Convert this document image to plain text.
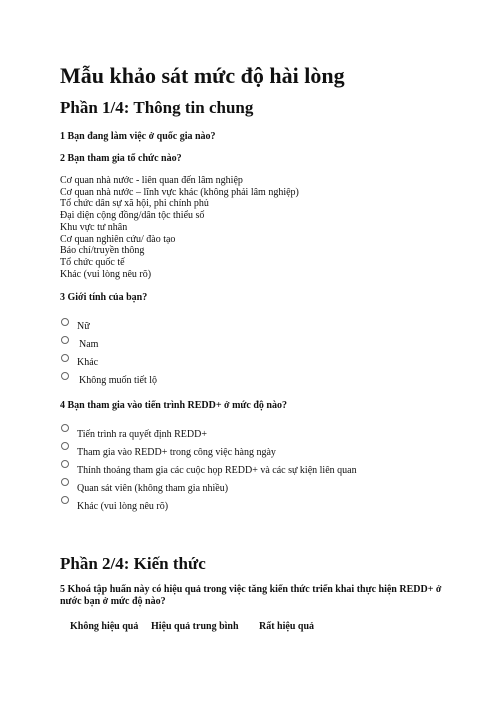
Mẫu khảo sát mức độ hài lòng
Phần 1/4: Thông tin chung
1 Bạn đang làm việc ở quốc gia nào?
2 Bạn tham gia tổ chức nào?
Cơ quan nhà nước - liên quan đến lâm nghiệp
Cơ quan nhà nước – lĩnh vực khác (không phải lâm nghiệp)
Tổ chức dân sự xã hội, phi chính phủ
Đại diện cộng đồng/dân tộc thiểu số
Khu vực tư nhân
Cơ quan nghiên cứu/ đào tạo
Báo chí/truyền thông
Tổ chức quốc tế
Khác (vui lòng nêu rõ)
3 Giới tính của bạn?
Nữ
Nam
Khác
Không muốn tiết lộ
4 Bạn tham gia vào tiến trình REDD+ ở mức độ nào?
Tiến trình ra quyết định REDD+
Tham gia vào REDD+ trong công việc hàng ngày
Thỉnh thoảng tham gia các cuộc họp REDD+ và các sự kiện liên quan
Quan sát viên (không tham gia nhiều)
Khác (vui lòng nêu rõ)
Phần 2/4: Kiến thức
5 Khoá tập huấn này có hiệu quả trong việc tăng kiến thức triển khai thực hiện REDD+ ở nước bạn ở mức độ nào?
Không hiệu quả Hiệu quả trung bình Rất hiệu quả
